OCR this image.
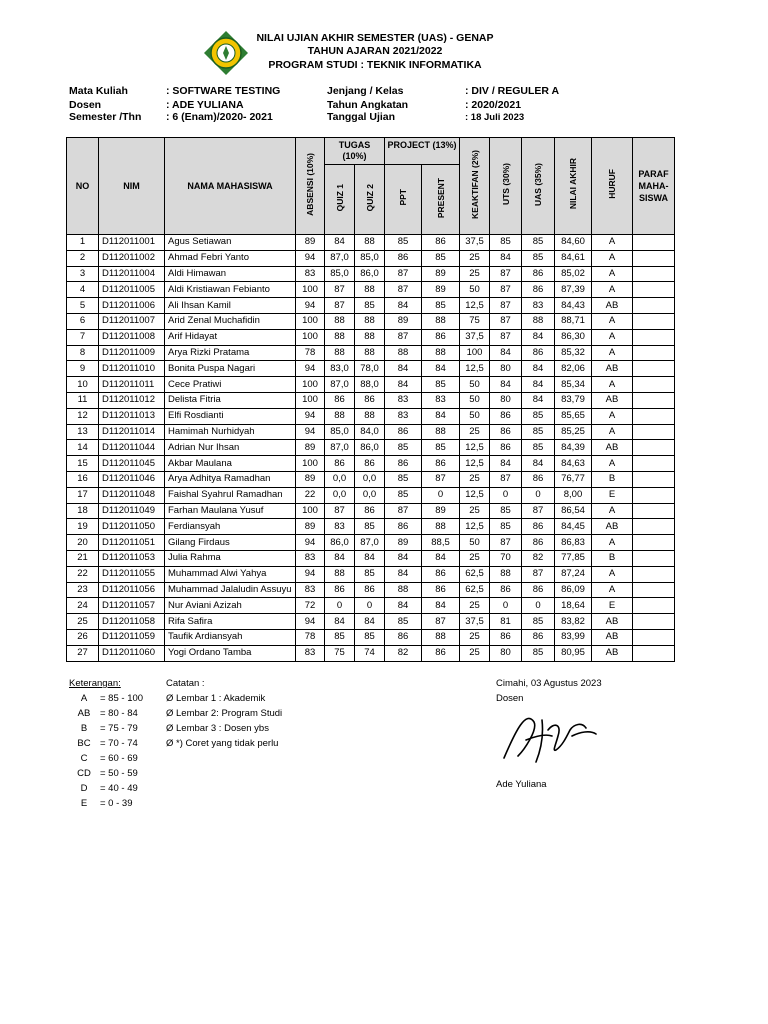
NILAI UJIAN AKHIR SEMESTER (UAS) - GENAP
TAHUN AJARAN 2021/2022
PROGRAM STUDI : TEKNIK INFORMATIKA
Mata Kuliah	: SOFTWARE TESTING
Dosen	: ADE YULIANA
Semester /Thn : 6 (Enam)/2020- 2021
Jenjang / Kelas	: DIV / REGULER A
Tahun Angkatan	: 2020/2021
Tanggal Ujian	: 18 Juli 2023
NO	NIM	NAMA MAHASISWA	ABSENSI (10%)	TUGAS
(10%)		PROJECT (13%)		KEAKTIFAN (2%)	UTS (30%)	UAS (35%)	NILAI AKHIR	HURUF	PARAF MAHA- SISWA
				QUIZ 1	QUIZ 2	PPT	PRESENT						
1	D112011001	Agus Setiawan	89	84	88	85	86	37,5	85	85	84,60	A	
2	D112011002	Ahmad Febri Yanto	94	87,0	85,0	86	85	25	84	85	84,61	A	
3	D112011004	Aldi Himawan	83	85,0	86,0	87	89	25	87	86	85,02	A	
4	D112011005	Aldi Kristiawan Febianto	100	87	88	87	89	50	87	86	87,39	A	
5	D112011006	Ali Ihsan Kamil	94	87	85	84	85	12,5	87	83	84,43	AB	
6	D112011007	Arid Zenal Muchafidin	100	88	88	89	88	75	87	88	88,71	A	
7	D112011008	Arif Hidayat	100	88	88	87	86	37,5	87	84	86,30	A	
8	D112011009	Arya Rizki Pratama	78	88	88	88	88	100	84	86	85,32	A	
9	D112011010	Bonita Puspa Nagari	94	83,0	78,0	84	84	12,5	80	84	82,06	AB	
10	D112011011	Cece Pratiwi	100	87,0	88,0	84	85	50	84	84	85,34	A	
11	D112011012	Delista Fitria	100	86	86	83	83	50	80	84	83,79	AB	
12	D112011013	Elfi Rosdianti	94	88	88	83	84	50	86	85	85,65	A	
13	D112011014	Hamimah Nurhidyah	94	85,0	84,0	86	88	25	86	85	85,25	A	
14	D112011044	Adrian Nur Ihsan	89	87,0	86,0	85	85	12,5	86	85	84,39	AB	
15	D112011045	Akbar Maulana	100	86	86	86	86	12,5	84	84	84,63	A	
16	D112011046	Arya Adhitya Ramadhan	89	0,0	0,0	85	87	25	87	86	76,77	B	
17	D112011048	Faishal Syahrul Ramadhan	22	0,0	0,0	85	0	12,5	0	0	8,00	E	
18	D112011049	Farhan Maulana Yusuf	100	87	86	87	89	25	85	87	86,54	A	
19	D112011050	Ferdiansyah	89	83	85	86	88	12,5	85	86	84,45	AB	
20	D112011051	Gilang Firdaus	94	86,0	87,0	89	88,5	50	87	86	86,83	A	
21	D112011053	Julia Rahma	83	84	84	84	84	25	70	82	77,85	B	
22	D112011055	Muhammad Alwi Yahya	94	88	85	84	86	62,5	88	87	87,24	A	
23	D112011056	Muhammad Jalaludin Assuyu	83	86	86	88	86	62,5	86	86	86,09	A	
24	D112011057	Nur Aviani Azizah	72	0	0	84	84	25	0	0	18,64	E	
25	D112011058	Rifa Safira	94	84	84	85	87	37,5	81	85	83,82	AB	
26	D112011059	Taufik Ardiansyah	78	85	85	86	88	25	86	86	83,99	AB	
27	D112011060	Yogi Ordano Tamba	83	75	74	82	86	25	80	85	80,95	AB	
Keterangan:
A = 85 - 100
AB = 80 - 84
B = 75 - 79
BC = 70 - 74
C = 60 - 69
CD = 50 - 59
D = 40 - 49
E = 0 - 39
Catatan :
Ø Lembar 1 : Akademik
Ø Lembar 2: Program Studi
Ø Lembar 3 : Dosen ybs
Ø *) Coret yang tidak perlu
Cimahi, 03 Agustus 2023
Dosen
Ade Yuliana
